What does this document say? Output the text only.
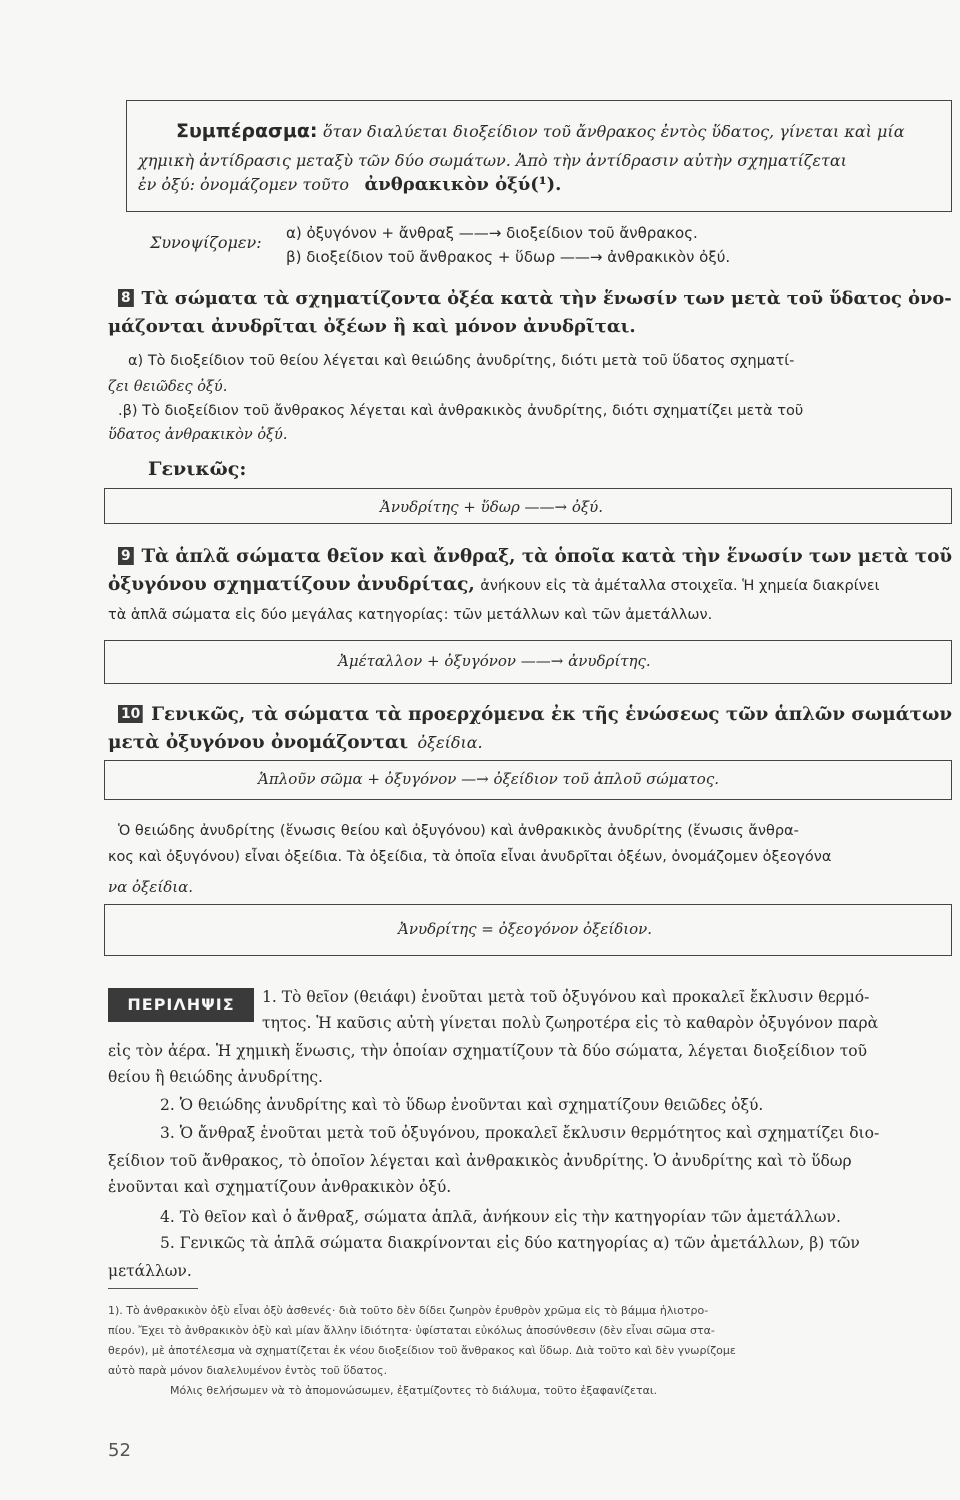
Συμπέρασμα: ὅταν διαλύεται διοξείδιον τοῦ ἄνθρακος ἐντὸς ὕδατος, γίνεται καὶ μία
χημικὴ ἀντίδρασις μεταξὺ τῶν δύο σωμάτων. Ἀπὸ τὴν ἀντίδρασιν αὐτὴν σχηματίζεται
ἐν ὀξύ: ὀνομάζομεν τοῦτο ἀνθρακικὸν ὀξύ(¹).
Συνοψίζομεν: α) ὀξυγόνον + ἄνθραξ ——→ διοξείδιον τοῦ ἄνθρακος.
β) διοξείδιον τοῦ ἄνθρακος + ὕδωρ ——→ ἀνθρακικὸν ὀξύ.
8 Τὰ σώματα τὰ σχηματίζοντα ὀξέα κατὰ τὴν ἕνωσίν των μετὰ τοῦ ὕδατος ὀνο-
μάζονται ἀνυδρῖται ὀξέων ἢ καὶ μόνον ἀνυδρῖται.
α) Τὸ διοξείδιον τοῦ θείου λέγεται καὶ θειώδης ἀνυδρίτης, διότι μετὰ τοῦ ὕδατος σχηματί-
ζει θειῶδες ὀξύ.
.β) Τὸ διοξείδιον τοῦ ἄνθρακος λέγεται καὶ ἀνθρακικὸς ἀνυδρίτης, διότι σχηματίζει μετὰ τοῦ
ὕδατος ἀνθρακικὸν ὀξύ.
Γενικῶς:
Ἀνυδρίτης + ὕδωρ ——→ ὀξύ.
9 Τὰ ἁπλᾶ σώματα θεῖον καὶ ἄνθραξ, τὰ ὁποῖα κατὰ τὴν ἕνωσίν των μετὰ τοῦ
ὀξυγόνου σχηματίζουν ἀνυδρίτας, ἀνήκουν εἰς τὰ ἀμέταλλα στοιχεῖα. Ἡ χημεία διακρίνει
τὰ ἁπλᾶ σώματα εἰς δύο μεγάλας κατηγορίας: τῶν μετάλλων καὶ τῶν ἀμετάλλων.
Ἀμέταλλον + ὀξυγόνον ——→ ἀνυδρίτης.
10 Γενικῶς, τὰ σώματα τὰ προερχόμενα ἐκ τῆς ἑνώσεως τῶν ἁπλῶν σωμάτων
μετὰ ὀξυγόνου ὀνομάζονται ὀξείδια.
Ἁπλοῦν σῶμα + ὀξυγόνον —→ ὀξείδιον τοῦ ἁπλοῦ σώματος.
Ὁ θειώδης ἀνυδρίτης (ἕνωσις θείου καὶ ὀξυγόνου) καὶ ἀνθρακικὸς ἀνυδρίτης (ἕνωσις ἄνθρα-
κος καὶ ὀξυγόνου) εἶναι ὀξείδια. Τὰ ὀξείδια, τὰ ὁποῖα εἶναι ἀνυδρῖται ὀξέων, ὀνομάζομεν ὀξεογόνα
να ὀξείδια.
Ἀνυδρίτης = ὀξεογόνον ὀξείδιον.
ΠΕΡΙΛΗΨΙΣ	1. Τὸ θεῖον (θειάφι) ἑνοῦται μετὰ τοῦ ὀξυγόνου καὶ προκαλεῖ ἔκλυσιν θερμό-
τητος. Ἡ καῦσις αὐτὴ γίνεται πολὺ ζωηροτέρα εἰς τὸ καθαρὸν ὀξυγόνον παρὰ
εἰς τὸν ἀέρα. Ἡ χημικὴ ἕνωσις, τὴν ὁποίαν σχηματίζουν τὰ δύο σώματα, λέγεται διοξείδιον τοῦ
θείου ἢ θειώδης ἀνυδρίτης.
2. Ὁ θειώδης ἀνυδρίτης καὶ τὸ ὕδωρ ἑνοῦνται καὶ σχηματίζουν θειῶδες ὀξύ.
3. Ὁ ἄνθραξ ἑνοῦται μετὰ τοῦ ὀξυγόνου, προκαλεῖ ἔκλυσιν θερμότητος καὶ σχηματίζει διο-
ξείδιον τοῦ ἄνθρακος, τὸ ὁποῖον λέγεται καὶ ἀνθρακικὸς ἀνυδρίτης. Ὁ ἀνυδρίτης καὶ τὸ ὕδωρ
ἑνοῦνται καὶ σχηματίζουν ἀνθρακικὸν ὀξύ.
4. Τὸ θεῖον καὶ ὁ ἄνθραξ, σώματα ἁπλᾶ, ἀνήκουν εἰς τὴν κατηγορίαν τῶν ἀμετάλλων.
5. Γενικῶς τὰ ἁπλᾶ σώματα διακρίνονται εἰς δύο κατηγορίας α) τῶν ἀμετάλλων, β) τῶν
μετάλλων.
1). Τὸ ἀνθρακικὸν ὀξὺ εἶναι ὀξὺ ἀσθενές· διὰ τοῦτο δὲν δίδει ζωηρὸν ἐρυθρὸν χρῶμα εἰς τὸ βάμμα ἡλιοτρο-
πίου. Ἔχει τὸ ἀνθρακικὸν ὀξὺ καὶ μίαν ἄλλην ἰδιότητα· ὑφίσταται εὐκόλως ἀποσύνθεσιν (δὲν εἶναι σῶμα στα-
θερόν), μὲ ἀποτέλεσμα νὰ σχηματίζεται ἐκ νέου διοξείδιον τοῦ ἄνθρακος καὶ ὕδωρ. Διὰ τοῦτο καὶ δὲν γνωρίζομε
αὐτὸ παρὰ μόνον διαλελυμένον ἐντὸς τοῦ ὕδατος.
Μόλις θελήσωμεν νὰ τὸ ἀπομονώσωμεν, ἐξατμίζοντες τὸ διάλυμα, τοῦτο ἐξαφανίζεται.
52
